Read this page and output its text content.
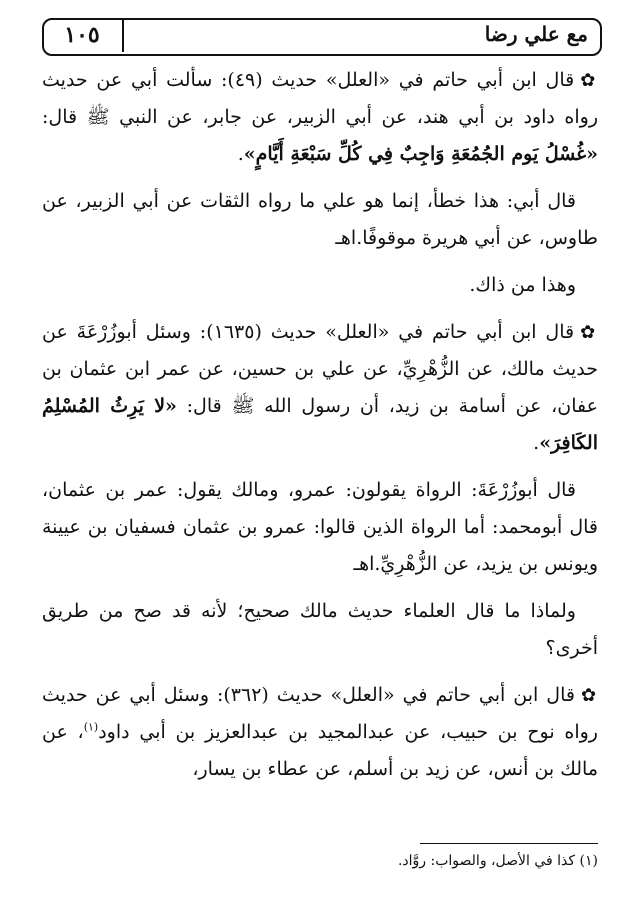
١٠٥	مع علي رضا

✿قال ابن أبي حاتم في «العلل» حديث (٤٩): سألت أبي عن حديث رواه داود بن أبي هند، عن أبي الزبير، عن جابر، عن النبي ﷺ قال: «غُسْلُ يَوم الجُمُعَةِ وَاجِبٌ فِي كُلِّ سَبْعَةِ أَيَّامٍ».

قال أبي: هذا خطأ، إنما هو علي ما رواه الثقات عن أبي الزبير، عن طاوس، عن أبي هريرة موقوفًا.اهـ

وهذا من ذاك.

✿قال ابن أبي حاتم في «العلل» حديث (١٦٣٥): وسئل أبوزُرْعَةَ عن حديث مالك، عن الزُّهْرِيِّ، عن علي بن حسين، عن عمر ابن عثمان بن عفان، عن أسامة بن زيد، أن رسول الله ﷺ قال: «لا يَرِثُ المُسْلِمُ الكَافِرَ».

قال أبوزُرْعَةَ: الرواة يقولون: عمرو، ومالك يقول: عمر بن عثمان، قال أبومحمد: أما الرواة الذين قالوا: عمرو بن عثمان فسفيان بن عيينة ويونس بن يزيد، عن الزُّهْرِيِّ.اهـ

ولماذا ما قال العلماء حديث مالك صحيح؛ لأنه قد صح من طريق أخرى؟

✿قال ابن أبي حاتم في «العلل» حديث (٣٦٢): وسئل أبي عن حديث رواه نوح بن حبيب، عن عبدالمجيد بن عبدالعزيز بن أبي داود$^{(١)}$، عن مالك بن أنس، عن زيد بن أسلم، عن عطاء بن يسار،

(١) كذا في الأصل، والصواب: روَّاد.
